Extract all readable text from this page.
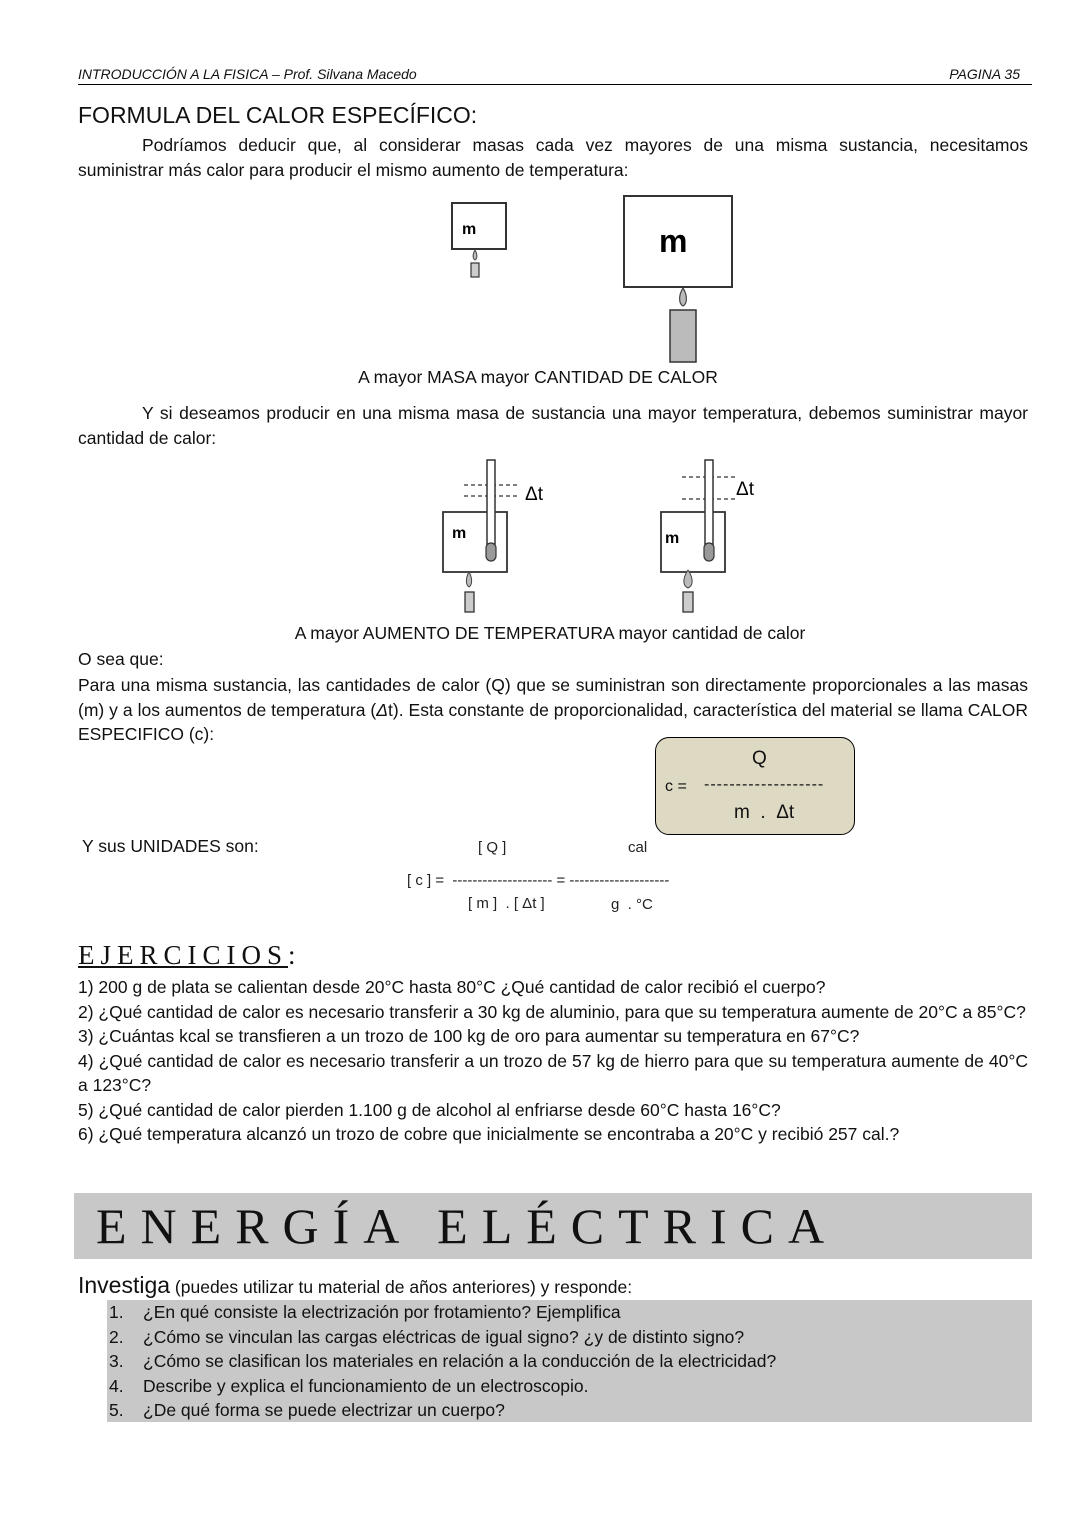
INTRODUCCIÓN A LA FISICA – Prof. Silvana Macedo	PAGINA 35
FORMULA DEL CALOR ESPECÍFICO:
Podríamos deducir que, al considerar masas cada vez mayores de una misma sustancia, necesitamos suministrar más calor para producir el mismo aumento de temperatura:
m	m
A mayor MASA mayor CANTIDAD DE CALOR
Y si deseamos producir en una misma masa de sustancia una mayor temperatura, debemos suministrar mayor cantidad de calor:
m
Δt
m
Δt
A mayor AUMENTO DE TEMPERATURA mayor cantidad de calor
O sea que:
Para una misma sustancia, las cantidades de calor (Q) que se suministran son directamente proporcionales a las masas (m) y a los aumentos de temperatura (Δt). Esta constante de proporcionalidad, característica del material se llama CALOR ESPECIFICO (c):
Q
c = -------------------
m  .  Δt
Y sus UNIDADES son:	[ Q ]	cal
[ c ] =  -------------------- = --------------------
[ m ]  . [ Δt ]	g  . °C
EJERCICIOS:
1) 200 g de plata se calientan desde 20°C hasta 80°C ¿Qué cantidad de calor recibió el cuerpo?
2) ¿Qué cantidad de calor es necesario transferir a 30 kg de aluminio, para que su temperatura aumente de 20°C a 85°C?
3) ¿Cuántas kcal se transfieren a un trozo de 100 kg de oro para aumentar su temperatura en 67°C?
4) ¿Qué cantidad de calor es necesario transferir a un trozo de 57 kg de hierro para que su temperatura aumente de 40°C a 123°C?
5) ¿Qué cantidad de calor pierden 1.100 g de alcohol al enfriarse desde 60°C hasta 16°C?
6) ¿Qué temperatura alcanzó un trozo de cobre que inicialmente se encontraba a 20°C y recibió 257 cal.?
ENERGÍA ELÉCTRICA
Investiga (puedes utilizar tu material de años anteriores) y responde:
1. ¿En qué consiste la electrización por frotamiento? Ejemplifica
2. ¿Cómo se vinculan las cargas eléctricas de igual signo? ¿y de distinto signo?
3. ¿Cómo se clasifican los materiales en relación a la conducción de la electricidad?
4. Describe y explica el funcionamiento de un electroscopio.
5. ¿De qué forma se puede electrizar un cuerpo?
